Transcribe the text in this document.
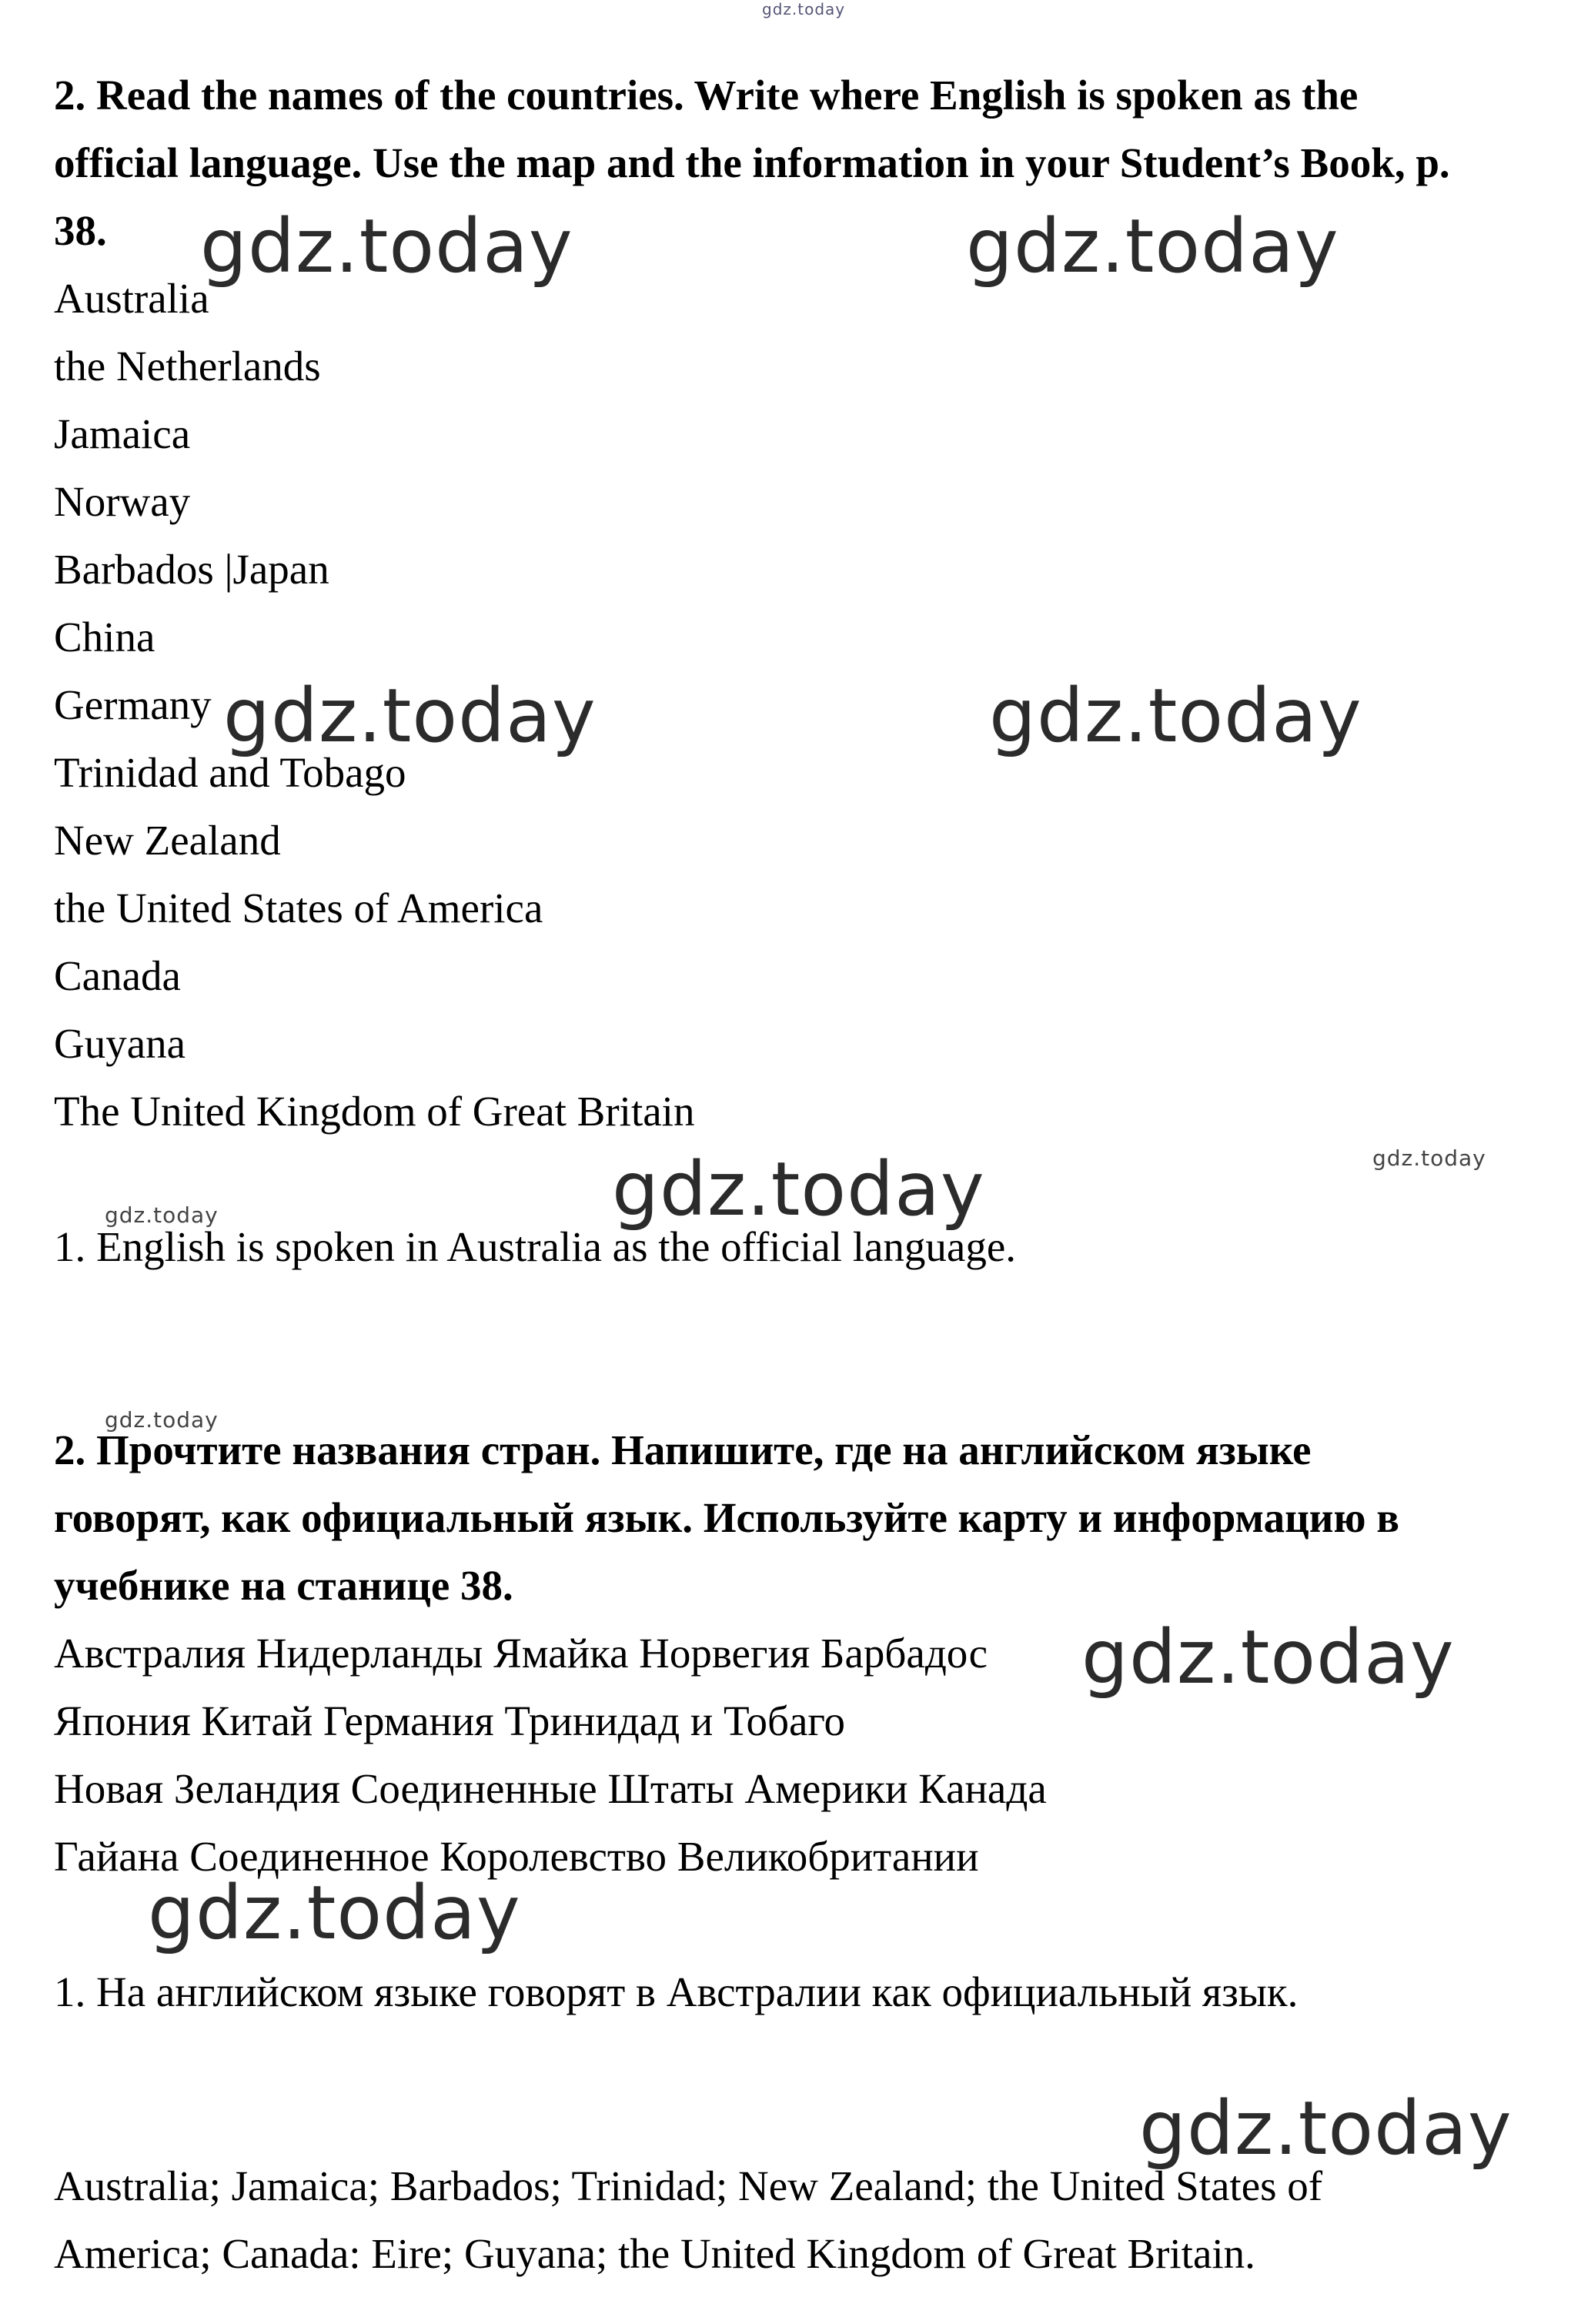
gdz.today
2. Read the names of the countries. Write where English is spoken as the
official language. Use the map and the information in your Student’s Book, p.
38.
Australia
the Netherlands
Jamaica
Norway
Barbados |Japan
China
Germany
Trinidad and Tobago
New Zealand
the United States of America
Canada
Guyana
The United Kingdom of Great Britain
1. English is spoken in Australia as the official language.
2. Прочтите названия стран. Напишите, где на английском языке
говорят, как официальный язык. Используйте карту и информацию в
учебнике на станице 38.
Австралия Нидерланды Ямайка Норвегия Барбадос
Япония Китай Германия Тринидад и Тобаго
Новая Зеландия Соединенные Штаты Америки Канада
Гайана Соединенное Королевство Великобритании
1. На английском языке говорят в Австралии как официальный язык.
Australia; Jamaica; Barbados; Trinidad; New Zealand; the United States of
America; Canada: Eire; Guyana; the United Kingdom of Great Britain.
gdz.today	gdz.today
gdz.today	gdz.today
gdz.today
gdz.today
gdz.today
gdz.today
gdz.today
gdz.today
gdz.today
